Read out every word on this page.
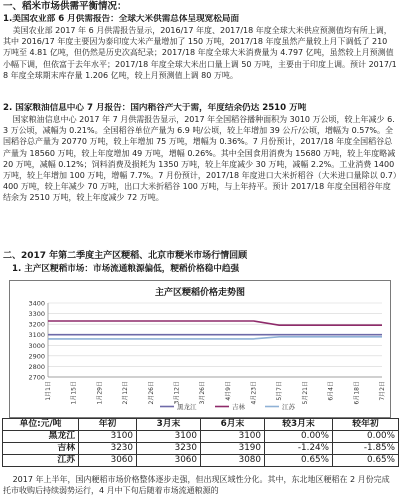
一、稻米市场供需平衡情况：
1.美国农业部 6 月供需报告：全球大米供需总体呈现宽松局面

美国农业部 2017 年 6 月供需报告显示，2016/17 年度、2017/18 年度全球大米供应预测值均有所上调，其中 2016/17 年度主要因为泰印度大米产量增加了 150 万吨，2017/18 年度虽然产量较上月下调低了 210 万吨至 4.81 亿吨，但仍然是历史次高纪录；2017/18 年度全球大米消费量为 4.797 亿吨，虽然较上月预测值小幅下调，但依富于去年水平；2017/18 年度全球大米出口量上调 50 万吨，主要由于印度上调。预计 2017/18 年度全球期末库存量 1.206 亿吨，较上月预测值上调 80 万吨。

2. 国家粮油信息中心 7 月报告：国内稻谷产大于需，年度结余仍达 2510 万吨

国家粮油信息中心 2017 年 7 月供需报告显示，2017 年全国稻谷播种面积为 3010 万公顷，较上年减少 6.3 万公顷，减幅为 0.21%。全国稻谷单位产量为 6.9 吨/公顷，较上年增加 39 公斤/公顷，增幅为 0.57%。全国稻谷总产量为 20770 万吨，较上年增加 75 万吨，增幅为 0.36%。7 月份预计，2017/18 年度全国稻谷总产量为 18560 万吨，较上年度增加 49 万吨，增幅 0.26%。其中全国食用消费为 15680 万吨，较上年度略减 20 万吨，减幅 0.12%；饲料消费及损耗为 1350 万吨，较上年度减少 30 万吨，减幅 2.2%。工业消费 1400 万吨，较上年增加 100 万吨，增幅 7.7%。7 月份预计，2017/18 年度进口大米折稻谷（大米进口量除以 0.7）400 万吨，较上年减少 70 万吨，出口大米折稻谷 100 万吨，与上年持平。预计 2017/18 年度全国稻谷年度结余为 2510 万吨，较上年度减少 72 万吨。

二、2017 年第二季度主产区粳稻、北京市粳米市场行情回顾
1. 主产区粳稻市场：市场流通粮源偏低，粳稻价格稳中趋强
主产区粳稻价格走势图
2700
2800
2900
3000
3100
3200
3300
3400
1月1日	1月15日	1月29日	2月12日	2月26日	3月12日	3月26日	4月9日	4月23日	5月7日	5月21日	6月4日	6月18日	7月2日
黑龙江	吉林	江苏
单位:元/吨	年初	3月末	6月末	较3月末	较年初
黑龙江	3100	3100	3100	0.00%	0.00%
吉林	3230	3230	3190	-1.24%	-1.85%
江苏	3060	3060	3080	0.65%	0.65%

2017 年上半年，国内粳稻市场价格整体逐步走强，但出现区域性分化。其中，东北地区粳稻在 2 月份完成托市收购后持续弱势运行，4 月中下旬后随着市场流通粮源的
